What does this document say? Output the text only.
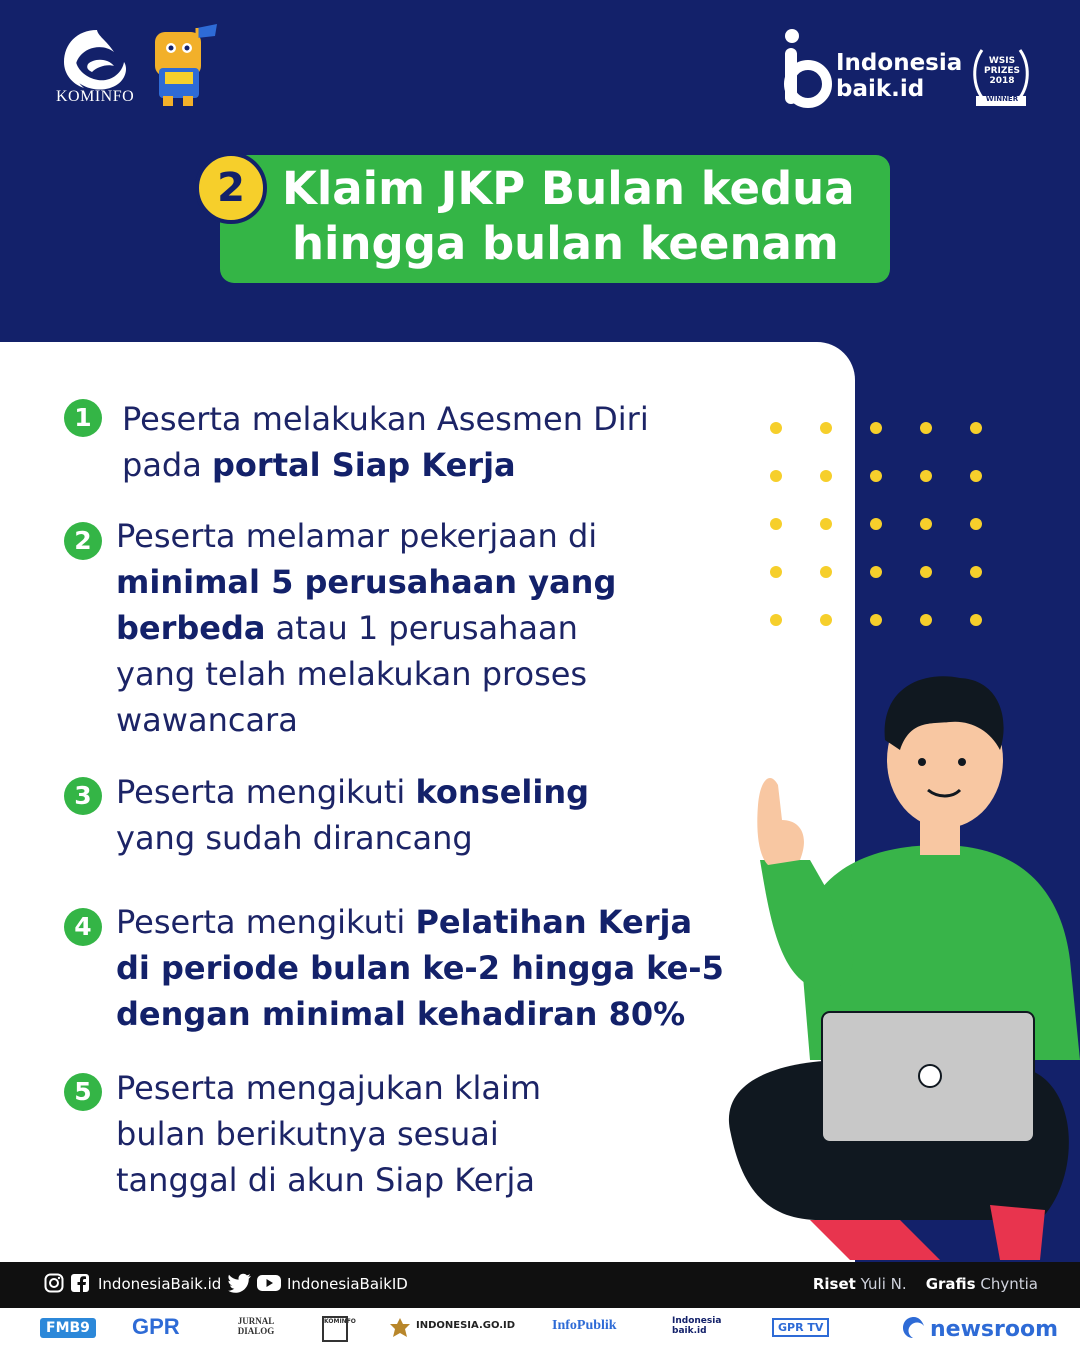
KOMINFO
Indonesia
baik.id
WSIS PRIZES 2018
WINNER
2 Klaim JKP Bulan kedua
hingga bulan keenam
1 Peserta melakukan Asesmen Diri
pada portal Siap Kerja
2 Peserta melamar pekerjaan di
minimal 5 perusahaan yang
berbeda atau 1 perusahaan
yang telah melakukan proses
wawancara
3 Peserta mengikuti konseling
yang sudah dirancang
4 Peserta mengikuti Pelatihan Kerja
di periode bulan ke-2 hingga ke-5
dengan minimal kehadiran 80%
5 Peserta mengajukan klaim
bulan berikutnya sesuai
tanggal di akun Siap Kerja
IndonesiaBaik.id	IndonesiaBaikID	Riset Yuli N. Grafis Chyntia
FMB9 GPR	JURNAL DIALOG
KOMINFO	INDONESIA.GO.ID	InfoPublik	Indonesia baik.id	GPR TV	newsroom
